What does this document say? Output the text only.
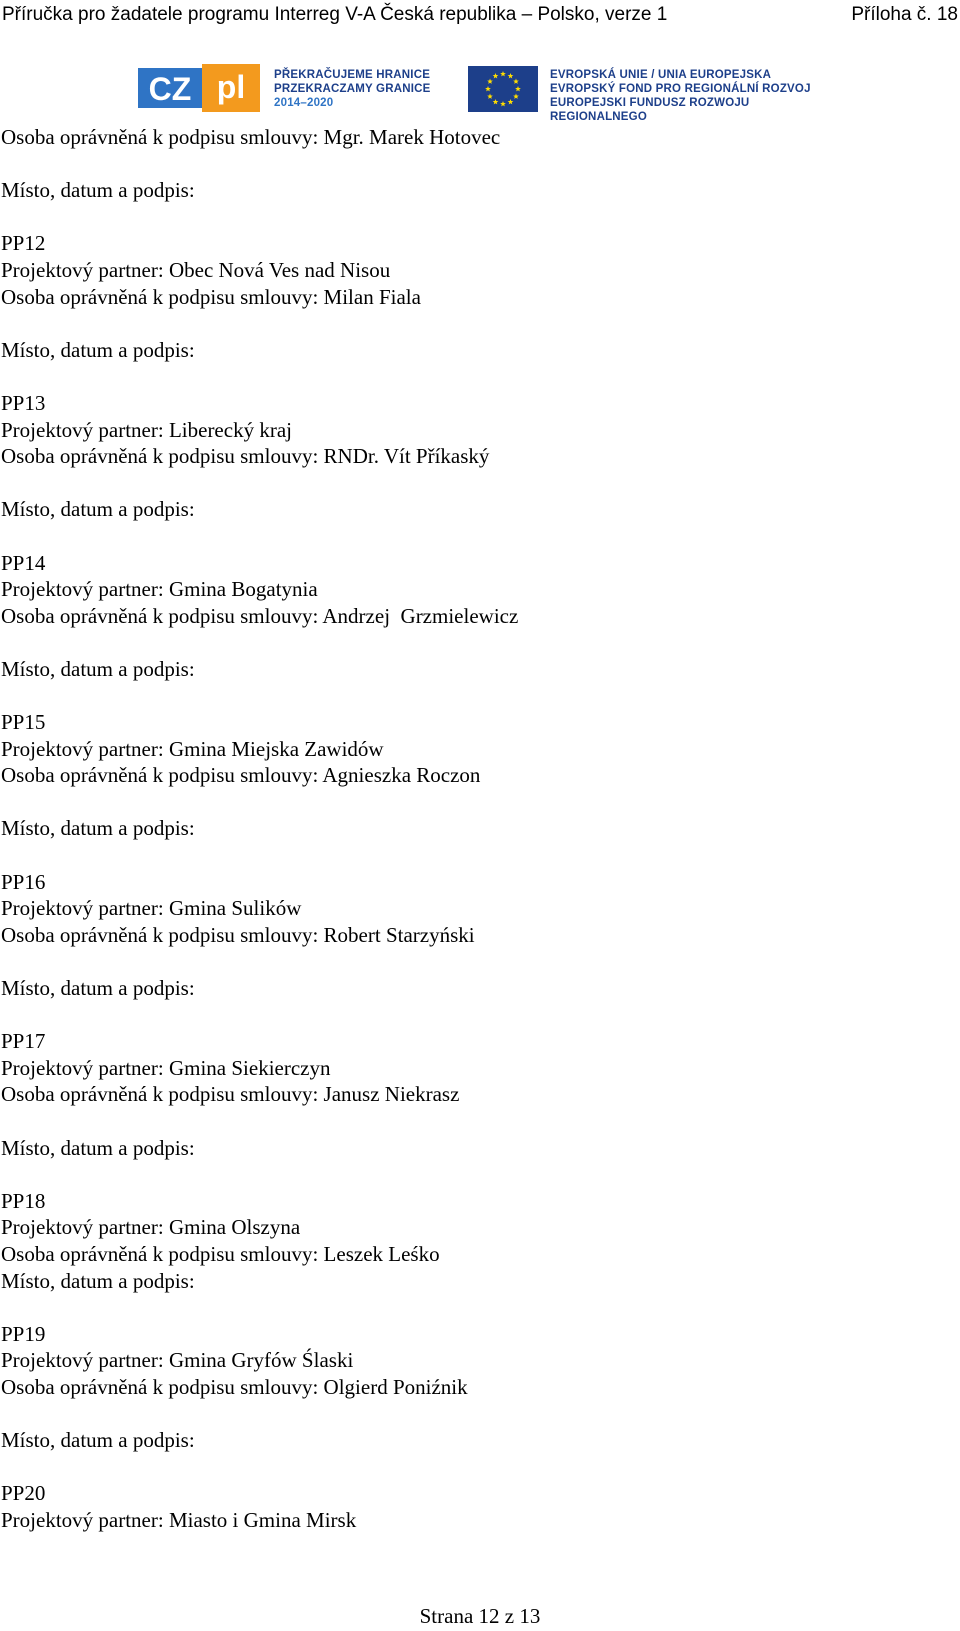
Příručka pro žadatele programu Interreg V-A Česká republika – Polsko, verze 1	Příloha č. 18
CZ pl	PŘEKRAČUJEME HRANICE
PRZEKRACZAMY GRANICE
2014–2020
EVROPSKÁ UNIE / UNIA EUROPEJSKA
EVROPSKÝ FOND PRO REGIONÁLNÍ ROZVOJ
EUROPEJSKI FUNDUSZ ROZWOJU REGIONALNEGO
Osoba oprávněná k podpisu smlouvy: Mgr. Marek Hotovec
Místo, datum a podpis:
PP12
Projektový partner: Obec Nová Ves nad Nisou
Osoba oprávněná k podpisu smlouvy: Milan Fiala
Místo, datum a podpis:
PP13
Projektový partner: Liberecký kraj
Osoba oprávněná k podpisu smlouvy: RNDr. Vít Příkaský
Místo, datum a podpis:
PP14
Projektový partner: Gmina Bogatynia
Osoba oprávněná k podpisu smlouvy: Andrzej  Grzmielewicz
Místo, datum a podpis:
PP15
Projektový partner: Gmina Miejska Zawidów
Osoba oprávněná k podpisu smlouvy: Agnieszka Roczon
Místo, datum a podpis:
PP16
Projektový partner: Gmina Sulików
Osoba oprávněná k podpisu smlouvy: Robert Starzyński
Místo, datum a podpis:
PP17
Projektový partner: Gmina Siekierczyn
Osoba oprávněná k podpisu smlouvy: Janusz Niekrasz
Místo, datum a podpis:
PP18
Projektový partner: Gmina Olszyna
Osoba oprávněná k podpisu smlouvy: Leszek Leśko
Místo, datum a podpis:
PP19
Projektový partner: Gmina Gryfów Ślaski
Osoba oprávněná k podpisu smlouvy: Olgierd Poniźnik
Místo, datum a podpis:
PP20
Projektový partner: Miasto i Gmina Mirsk
Strana 12 z 13
